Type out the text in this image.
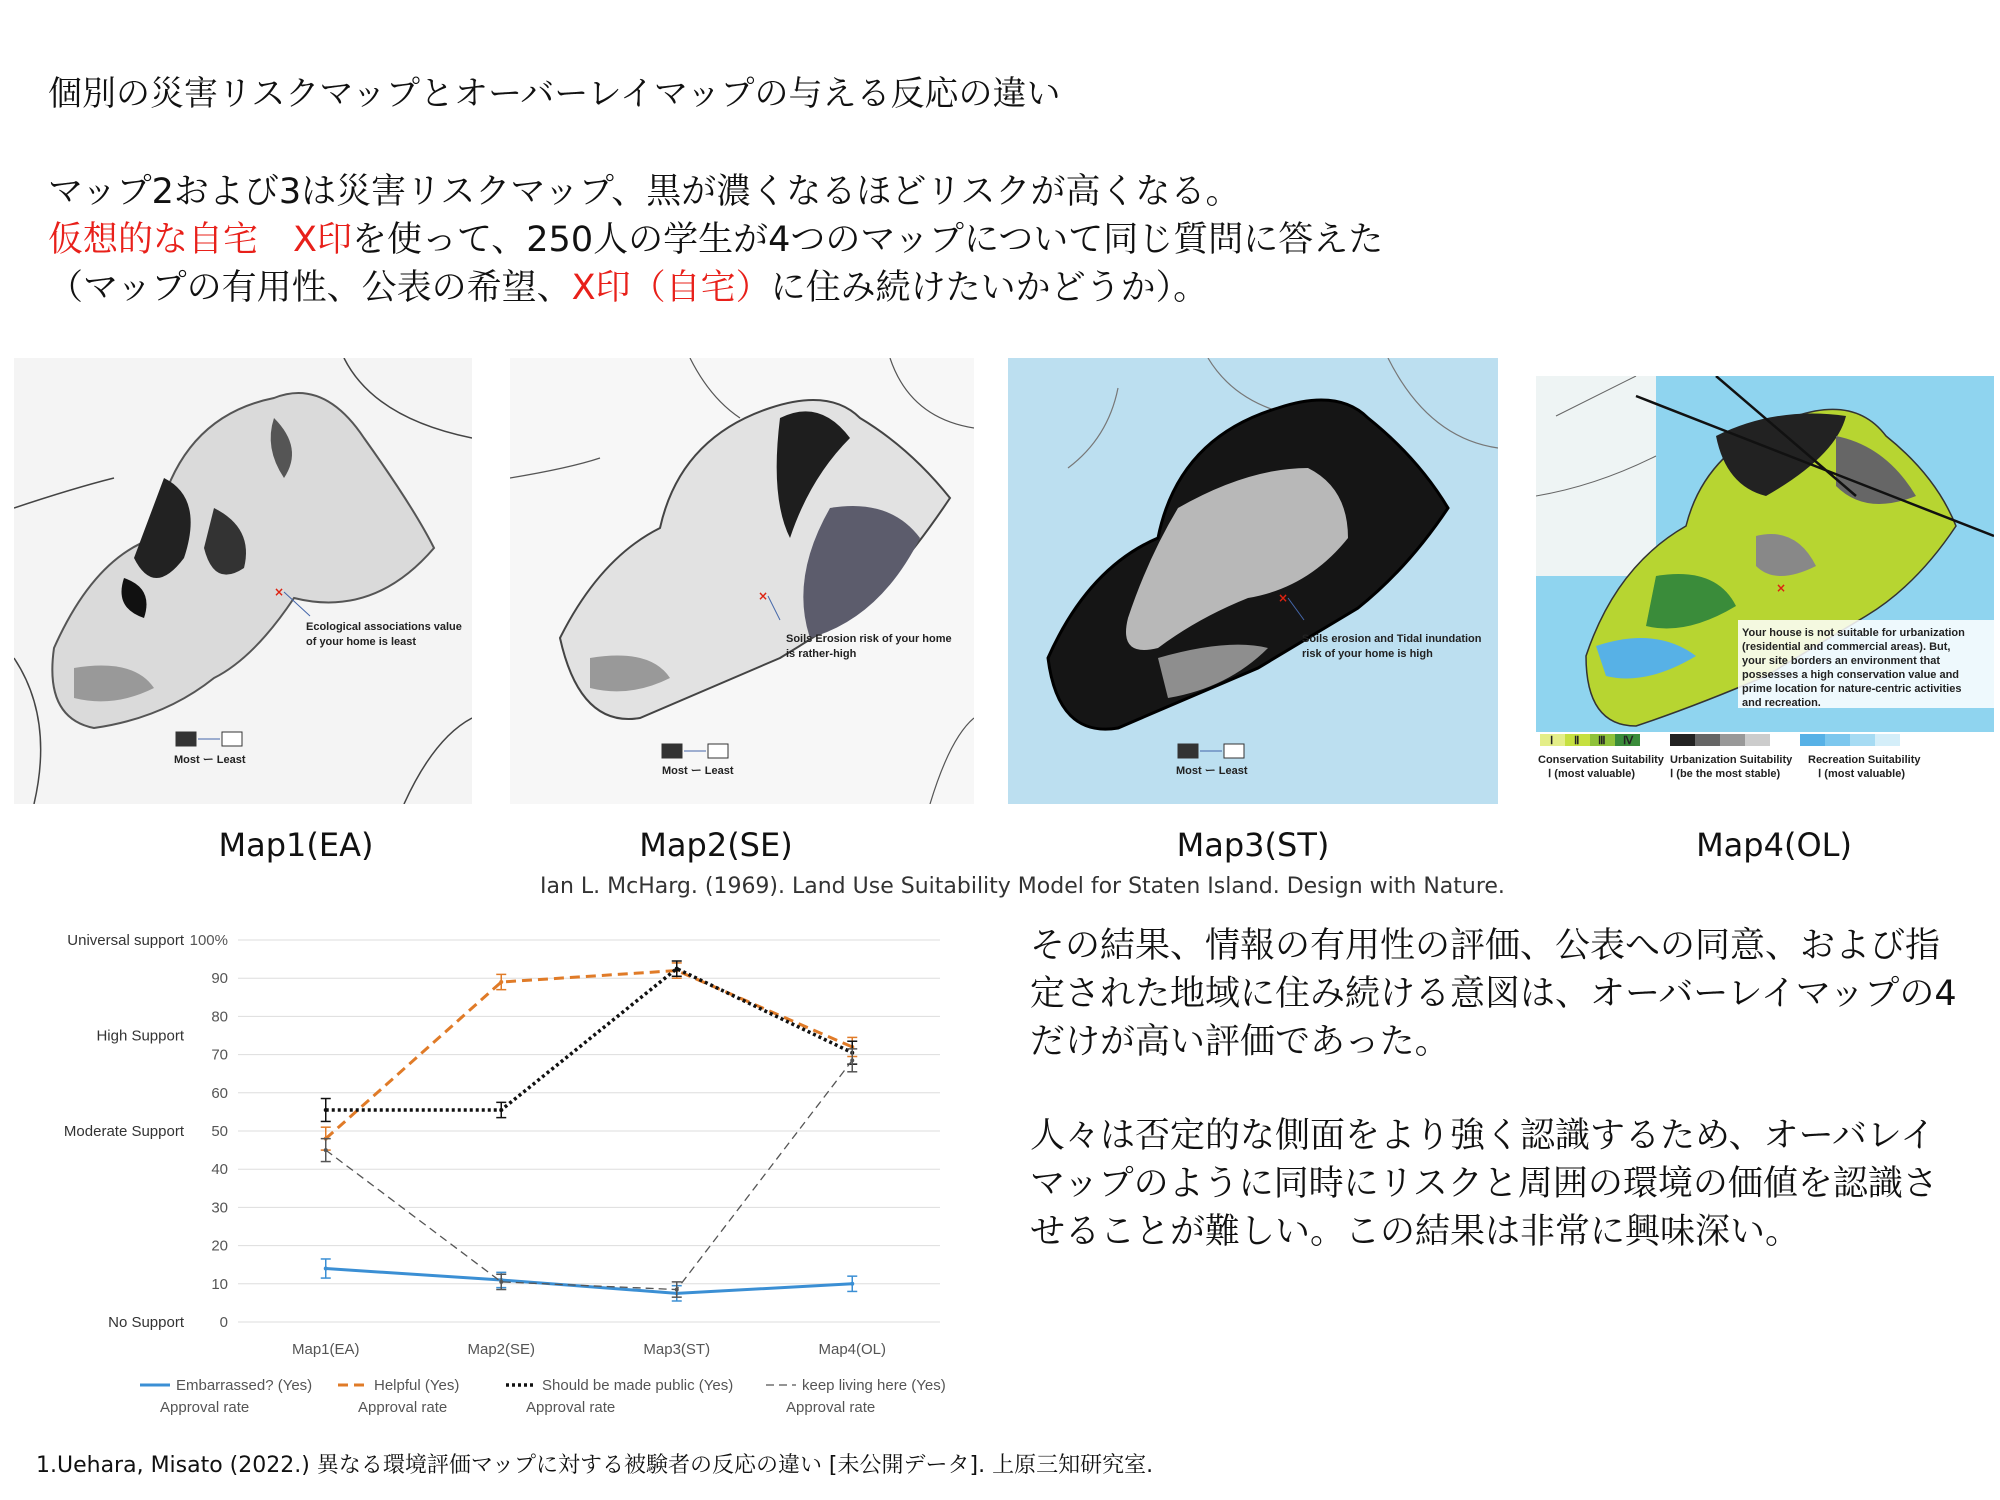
個別の災害リスクマップとオーバーレイマップの与える反応の違い
マップ2および3は災害リスクマップ、黒が濃くなるほどリスクが高くなる。
仮想的な自宅　X印を使って、250人の学生が4つのマップについて同じ質問に答えた
（マップの有用性、公表の希望、X印（自宅）に住み続けたいかどうか）。
×
Ecological associations value
of your home is least
Most ー Least
Map1(EA)
×
Soils Erosion risk of your home
is rather-high
Most ー Least
Map2(SE)
×
Soils erosion and Tidal inundation
risk of your home is high
Most ー Least
Map3(ST)
×
Your house is not suitable for urbanization
(residential and commercial areas). But,
your site borders an environment that
possesses a high conservation value and
prime location for nature-centric activities
and recreation.
Ⅰ Ⅱ Ⅲ Ⅳ
Conservation Suitability
Ⅰ (most valuable)
Urbanization Suitability
Ⅰ (be the most stable)
Recreation Suitability
Ⅰ (most valuable)
Map4(OL)
Ian L. McHarg. (1969). Land Use Suitability Model for Staten Island. Design with Nature.
0
10
20
30
40
50
60
70
80
90
100%
Universal support
High Support
Moderate Support
No Support
Map1(EA)	Map2(SE)	Map3(ST)	Map4(OL)
Embarrassed? (Yes)
Approval rate
Helpful (Yes)
Approval rate
Should be made public (Yes)
Approval rate
keep living here (Yes)
Approval rate
その結果、情報の有用性の評価、公表への同意、および指定された地域に住み続ける意図は、オーバーレイマップの4だけが高い評価であった。
人々は否定的な側面をより強く認識するため、オーバレイマップのように同時にリスクと周囲の環境の価値を認識させることが難しい。この結果は非常に興味深い。
1.Uehara, Misato (2022.) 異なる環境評価マップに対する被験者の反応の違い [未公開データ]. 上原三知研究室.
